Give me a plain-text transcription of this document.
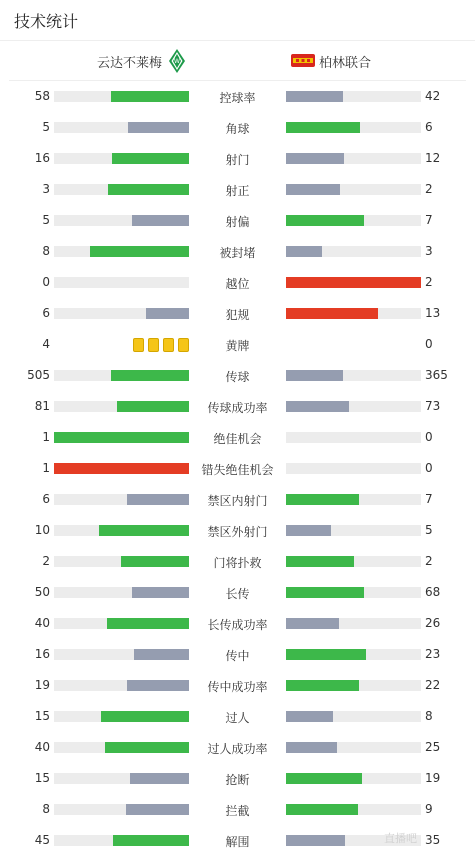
技术统计
云达不莱梅 W	柏林联合
58	控球率	42
5	角球	6
16	射门	12
3	射正	2
5	射偏	7
8	被封堵	3
0	越位	2
6	犯规	13
4	黄牌	0
505	传球	365
81	传球成功率	73
1	绝佳机会	0
1	错失绝佳机会	0
6	禁区内射门	7
10	禁区外射门	5
2	门将扑救	2
50	长传	68
40	长传成功率	26
16	传中	23
19	传中成功率	22
15	过人	8
40	过人成功率	25
15	抢断	19
8	拦截	9
45	解围	35
直播吧
